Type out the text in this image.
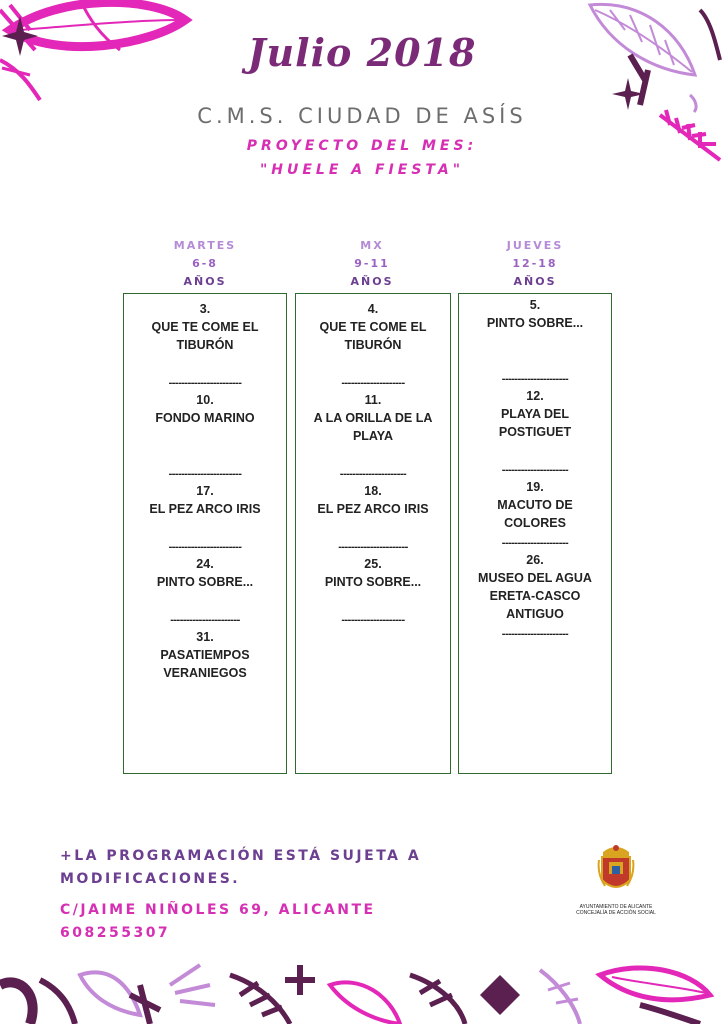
Julio 2018
C.M.S. CIUDAD DE ASÍS
PROYECTO DEL MES:
"HUELE A FIESTA"
MARTES
6-8
AÑOS
MX
9-11
AÑOS
JUEVES
12-18
AÑOS
3.
QUE TE COME EL
TIBURÓN
-----------------------
10.
FONDO MARINO
-----------------------
17.
EL PEZ ARCO IRIS
-----------------------
24.
PINTO SOBRE...
----------------------
31.
PASATIEMPOS
VERANIEGOS
4.
QUE TE COME EL
TIBURÓN
--------------------
11.
A LA ORILLA DE LA
PLAYA
---------------------
18.
EL PEZ ARCO IRIS
----------------------
25.
PINTO SOBRE...
--------------------
5.
PINTO SOBRE...
---------------------
12.
PLAYA DEL
POSTIGUET
---------------------
19.
MACUTO DE
COLORES
---------------------
26.
MUSEO DEL AGUA
ERETA-CASCO
ANTIGUO
---------------------
+LA PROGRAMACIÓN ESTÁ SUJETA A
MODIFICACIONES.
C/JAIME NIÑOLES 69, ALICANTE
608255307
AYUNTAMIENTO DE ALICANTE
CONCEJALÍA DE ACCIÓN SOCIAL
